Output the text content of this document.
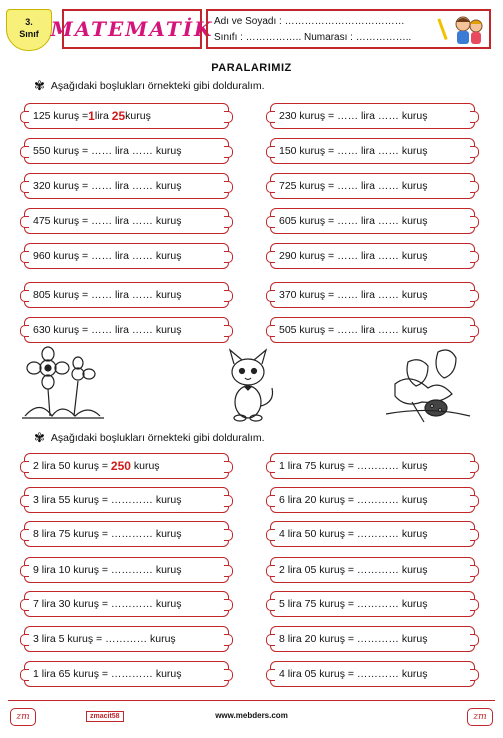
3.
Sınıf MATEMATİK Adı ve Soyadı : ………………………………
Sınıfı : …………….. Numarası : ……………..
PARALARIMIZ
✾ Aşağıdaki boşlukları örnekteki gibi dolduralım.
125 kuruş = 1 lira
25 kuruş
550 kuruş = …… lira …… kuruş
320 kuruş = …… lira …… kuruş
475 kuruş = …… lira …… kuruş
960 kuruş = …… lira …… kuruş
805 kuruş = …… lira …… kuruş
630 kuruş = …… lira …… kuruş
230 kuruş = …… lira …… kuruş
150 kuruş = …… lira …… kuruş
725 kuruş = …… lira …… kuruş
605 kuruş = …… lira …… kuruş
290 kuruş = …… lira …… kuruş
370 kuruş = …… lira …… kuruş
505 kuruş = …… lira …… kuruş
✾ Aşağıdaki boşlukları örnekteki gibi dolduralım.
2 lira 50 kuruş =
250
kuruş
3 lira 55 kuruş = ………… kuruş
8 lira 75 kuruş = ………… kuruş
9 lira 10 kuruş = ………… kuruş
7 lira 30 kuruş = ………… kuruş
3 lira 5 kuruş = ………… kuruş
1 lira 65 kuruş = ………… kuruş
1 lira 75 kuruş = ………… kuruş
6 lira 20 kuruş = ………… kuruş
4 lira 50 kuruş = ………… kuruş
2 lira 05 kuruş = ………… kuruş
5 lira 75 kuruş = ………… kuruş
8 lira 20 kuruş = ………… kuruş
4 lira 05 kuruş = ………… kuruş
zm	zmacit58	www.mebders.com	zm
